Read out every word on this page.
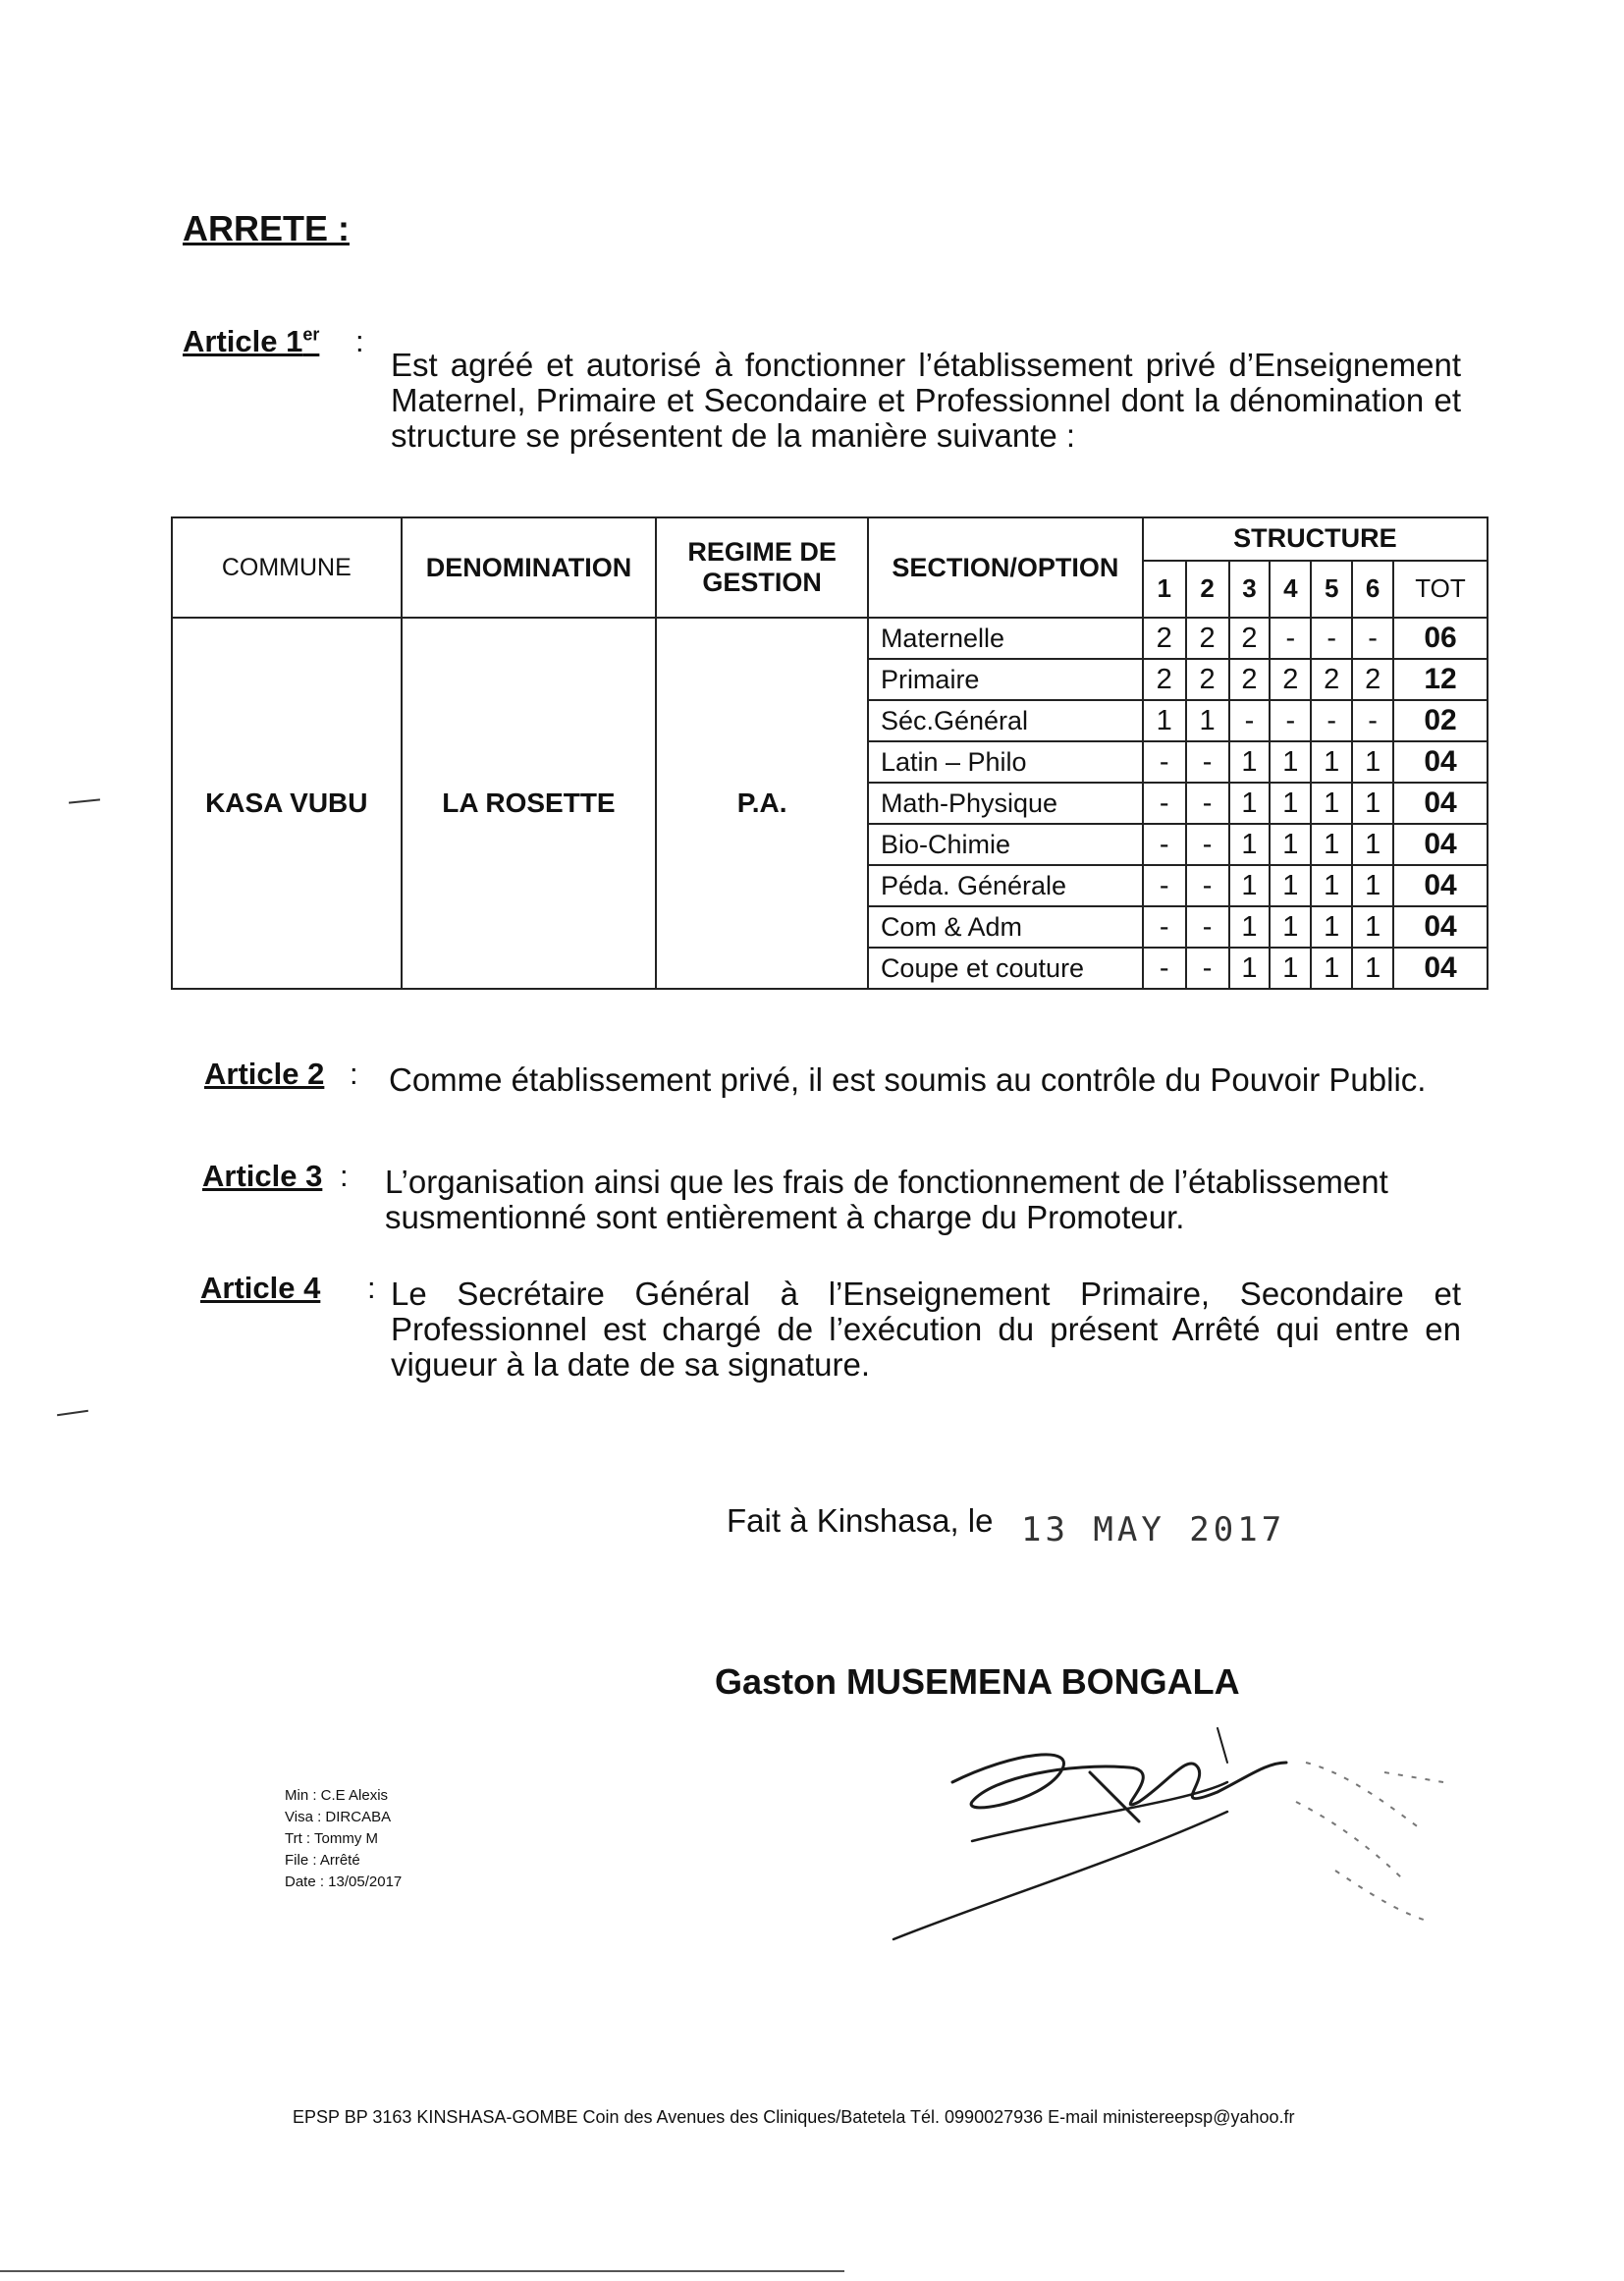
ARRETE :
Article 1er :
Est agréé et autorisé à fonctionner l’établissement privé d’Enseignement Maternel, Primaire et Secondaire et Professionnel dont la dénomination et structure se présentent de la manière suivante :
COMMUNE	DENOMINATION	REGIME DE GESTION	SECTION/OPTION	STRUCTURE						
				1	2	3	4	5	6	TOT
KASA VUBU	LA ROSETTE	P.A.	Maternelle	2	2	2	-	-	-	06
			Primaire	2	2	2	2	2	2	12
			Séc.Général	1	1	-	-	-	-	02
			Latin – Philo	-	-	1	1	1	1	04
			Math-Physique	-	-	1	1	1	1	04
			Bio-Chimie	-	-	1	1	1	1	04
			Péda. Générale	-	-	1	1	1	1	04
			Com & Adm	-	-	1	1	1	1	04
			Coupe et couture	-	-	1	1	1	1	04
Article 2 : Comme établissement privé, il est soumis au contrôle du Pouvoir Public.
Article 3 : L’organisation ainsi que les frais de fonctionnement de l’établissement susmentionné sont entièrement à charge du Promoteur.
Article 4 : Le Secrétaire Général à l’Enseignement Primaire, Secondaire et Professionnel est chargé de l’exécution du présent Arrêté qui entre en vigueur à la date de sa signature.
Fait à Kinshasa, le 13 MAY 2017
Gaston MUSEMENA BONGALA
Min : C.E Alexis
Visa : DIRCABA
Trt : Tommy M
File : Arrêté
Date : 13/05/2017
EPSP BP 3163 KINSHASA-GOMBE Coin des Avenues des Cliniques/Batetela Tél. 0990027936 E-mail ministereepsp@yahoo.fr
